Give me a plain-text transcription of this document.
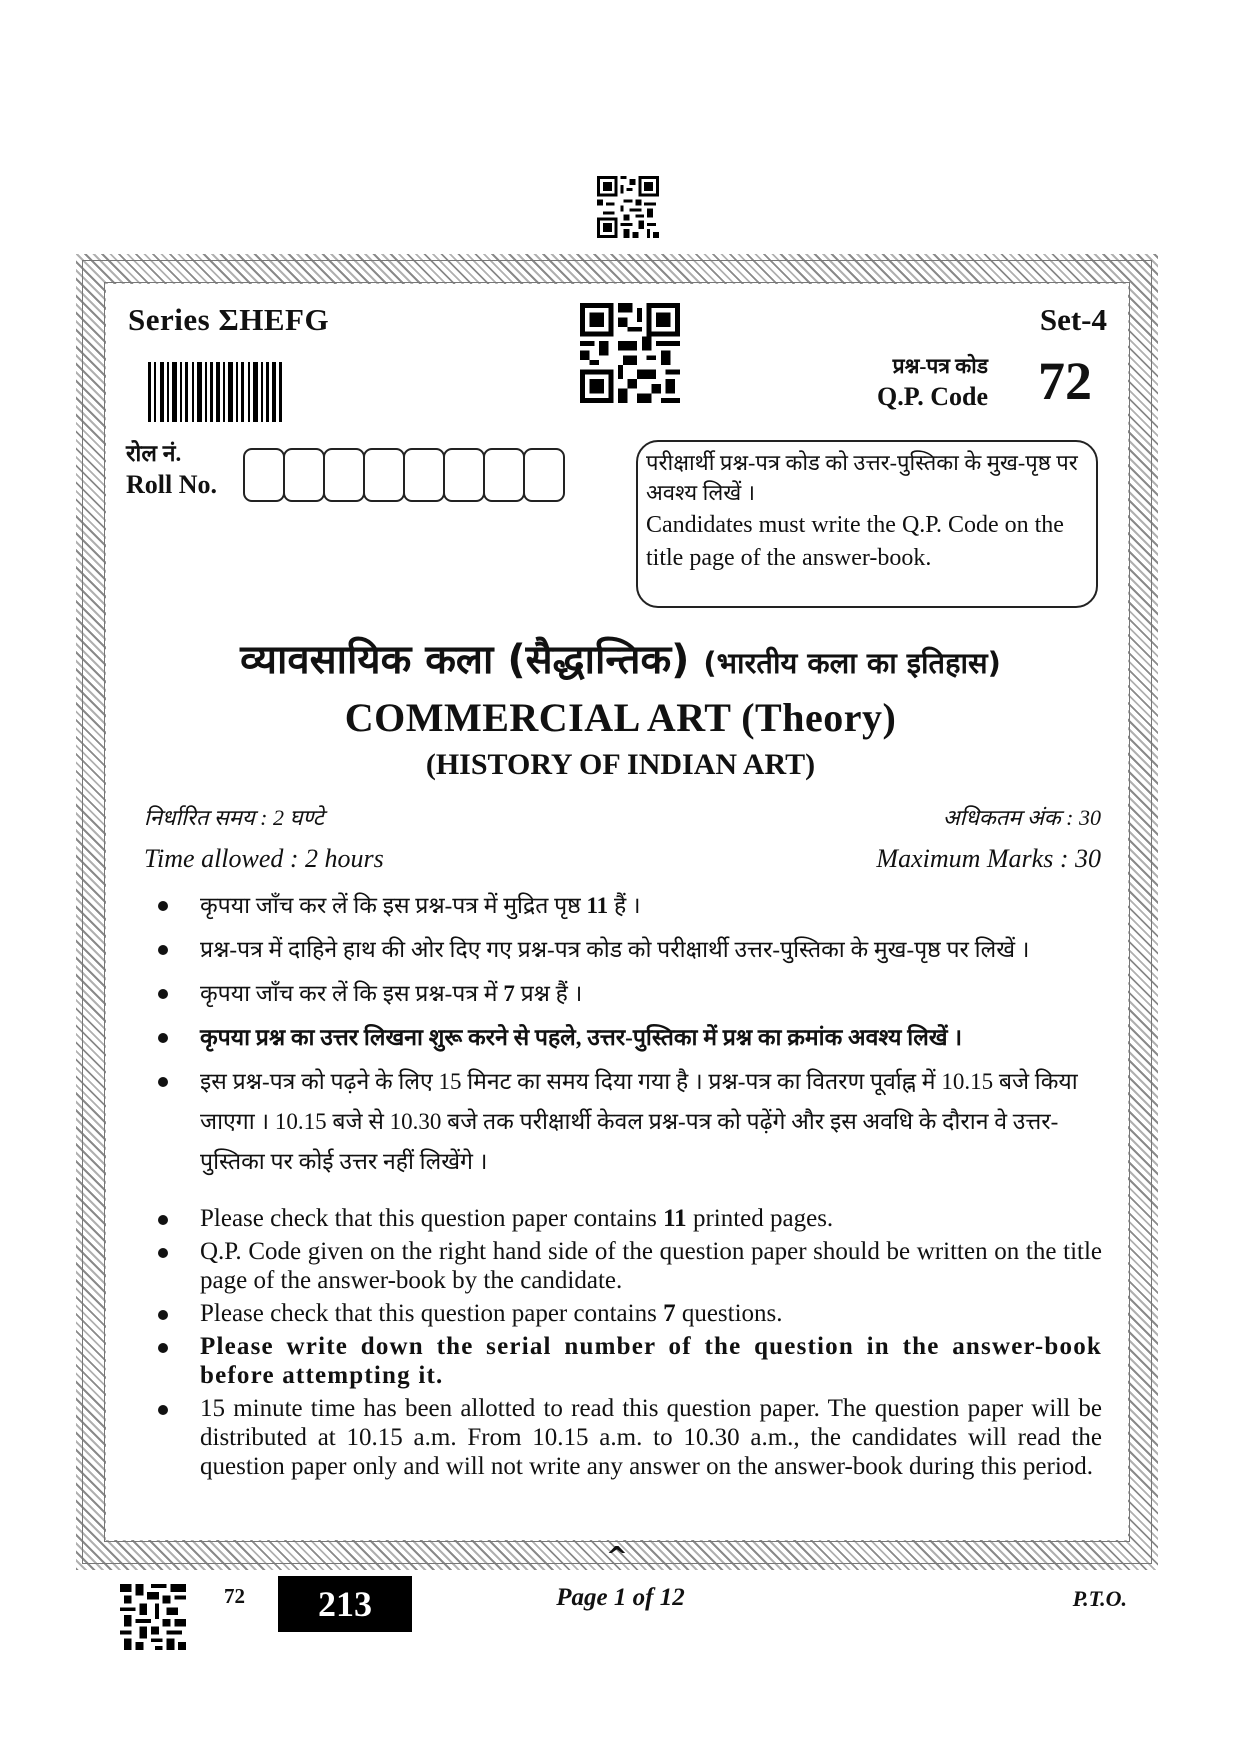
Series ΣHEFG	Set-4
प्रश्न-पत्र कोड
Q.P. Code 72
रोल नं.
Roll No.
परीक्षार्थी प्रश्न-पत्र कोड को उत्तर-पुस्तिका के मुख-पृष्ठ पर अवश्य लिखें ।
Candidates must write the Q.P. Code on the title page of the answer-book.
व्यावसायिक कला (सैद्धान्तिक) (भारतीय कला का इतिहास)
COMMERCIAL ART (Theory)
(HISTORY OF INDIAN ART)
निर्धारित समय : 2 घण्टे	अधिकतम अंक : 30
Time allowed : 2 hours	Maximum Marks : 30
कृपया जाँच कर लें कि इस प्रश्न-पत्र में मुद्रित पृष्ठ 11 हैं ।
प्रश्न-पत्र में दाहिने हाथ की ओर दिए गए प्रश्न-पत्र कोड को परीक्षार्थी उत्तर-पुस्तिका के मुख-पृष्ठ पर लिखें ।
कृपया जाँच कर लें कि इस प्रश्न-पत्र में 7 प्रश्न हैं ।
कृपया प्रश्न का उत्तर लिखना शुरू करने से पहले, उत्तर-पुस्तिका में प्रश्न का क्रमांक अवश्य लिखें ।
इस प्रश्न-पत्र को पढ़ने के लिए 15 मिनट का समय दिया गया है । प्रश्न-पत्र का वितरण पूर्वाह्न में 10.15 बजे किया जाएगा । 10.15 बजे से 10.30 बजे तक परीक्षार्थी केवल प्रश्न-पत्र को पढ़ेंगे और इस अवधि के दौरान वे उत्तर-पुस्तिका पर कोई उत्तर नहीं लिखेंगे ।
Please check that this question paper contains 11 printed pages.
Q.P. Code given on the right hand side of the question paper should be written on the title page of the answer-book by the candidate.
Please check that this question paper contains 7 questions.
Please write down the serial number of the question in the answer-book before attempting it.
15 minute time has been allotted to read this question paper. The question paper will be distributed at 10.15 a.m. From 10.15 a.m. to 10.30 a.m., the candidates will read the question paper only and will not write any answer on the answer-book during this period.
^
72	213	Page 1 of 12	P.T.O.
